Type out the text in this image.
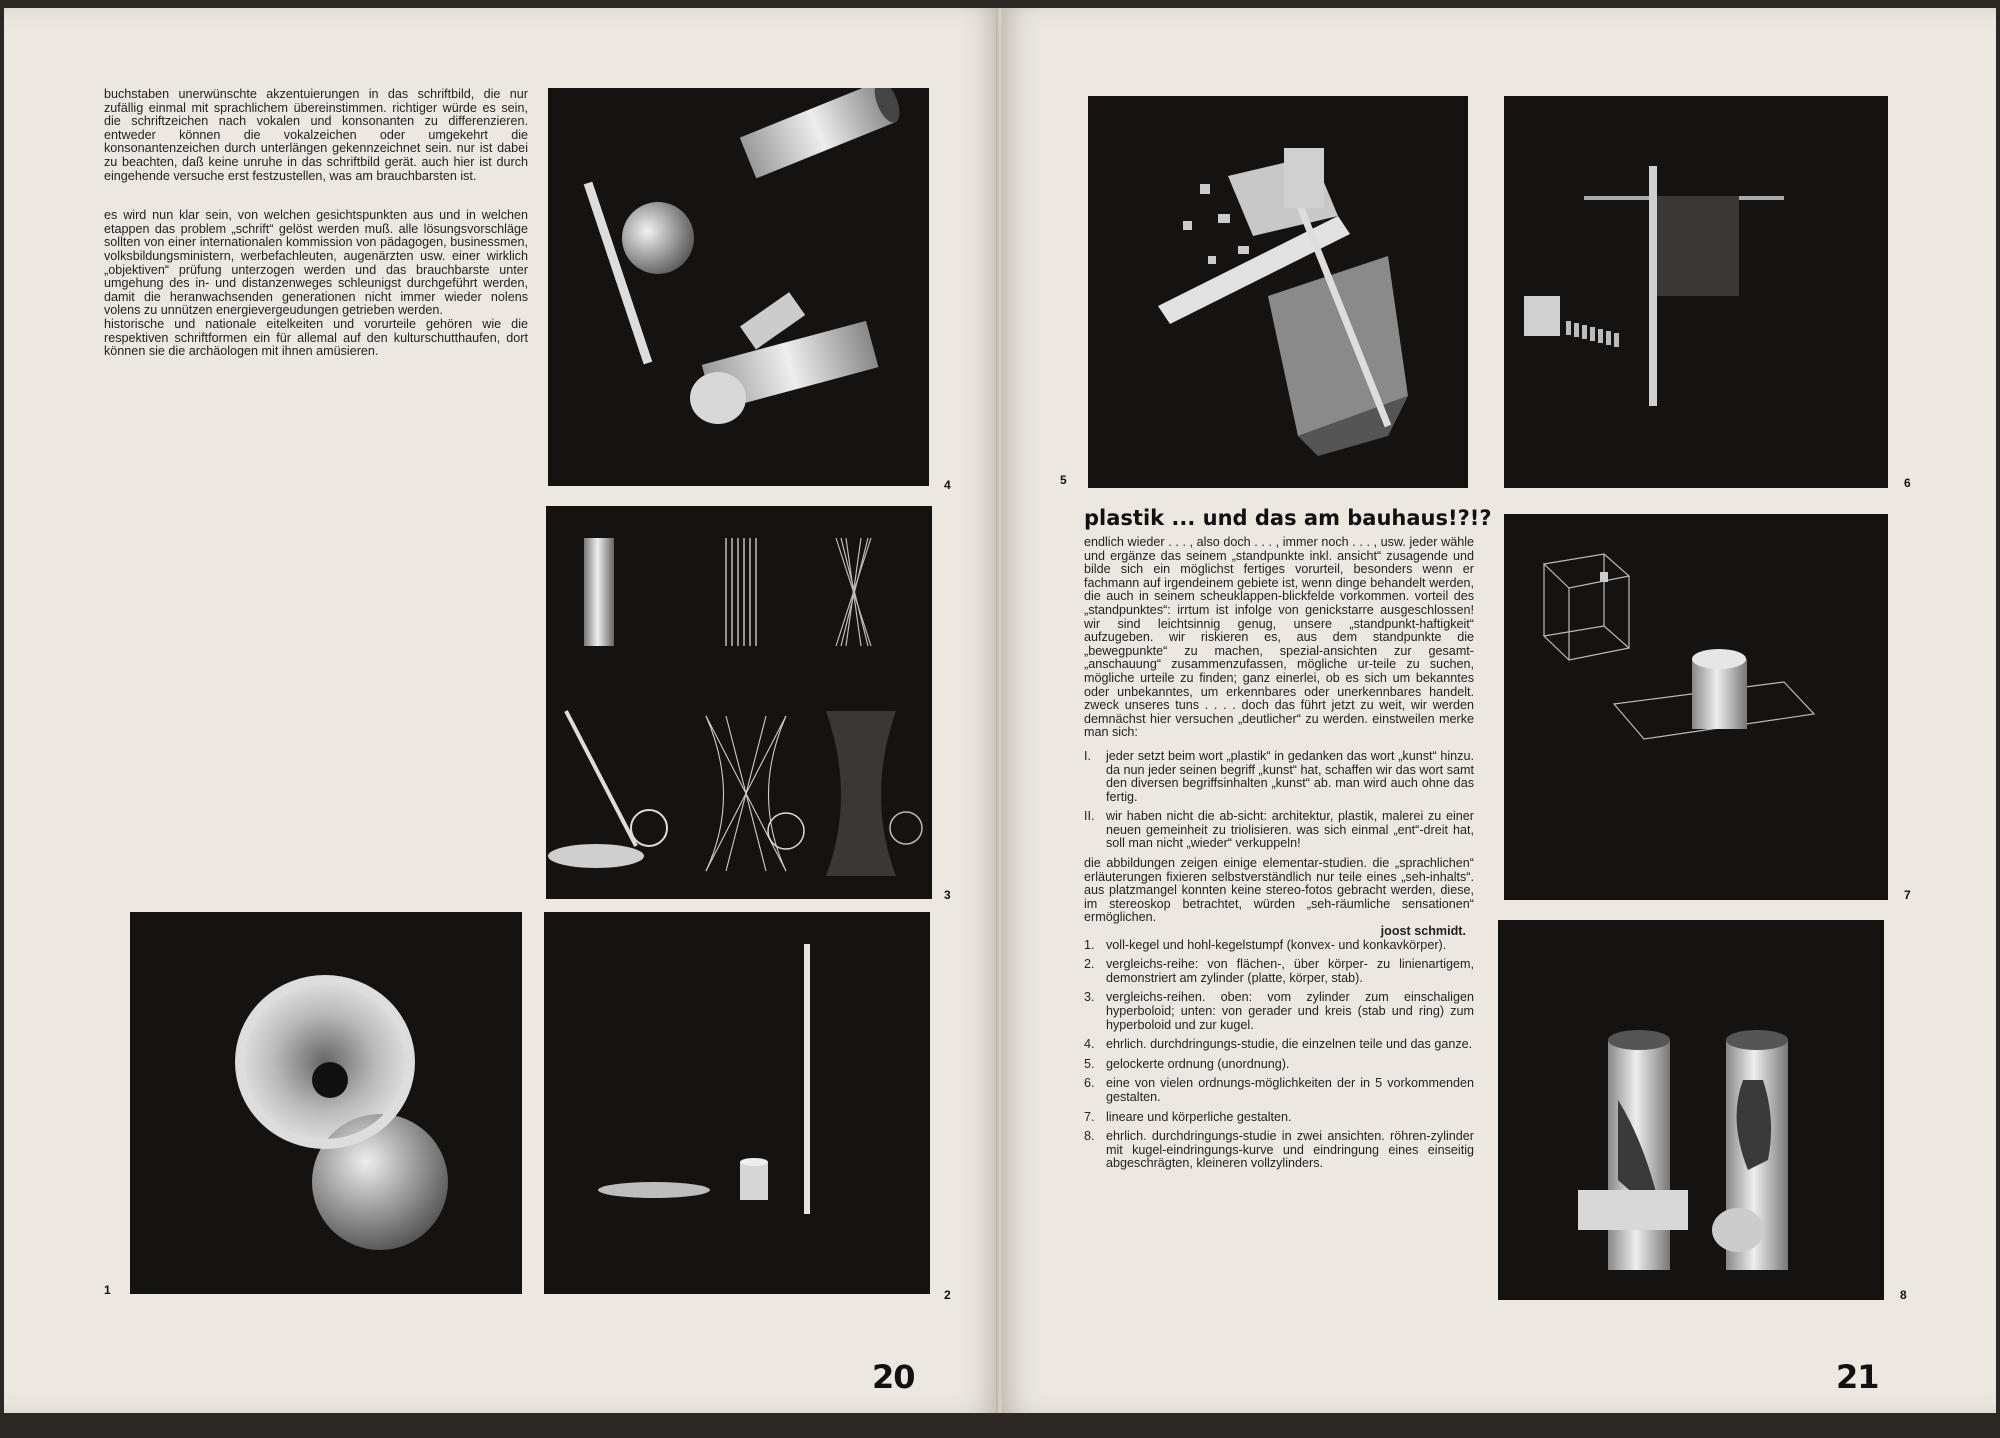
buchstaben unerwünschte akzentuierungen in das schriftbild, die nur zufällig einmal mit sprachlichem übereinstimmen. richtiger würde es sein, die schriftzeichen nach vokalen und konsonanten zu differenzieren. entweder können die vokalzeichen oder umgekehrt die konsonantenzeichen durch unterlängen gekennzeichnet sein. nur ist dabei zu beachten, daß keine unruhe in das schriftbild gerät. auch hier ist durch eingehende versuche erst festzustellen, was am brauchbarsten ist.

es wird nun klar sein, von welchen gesichtspunkten aus und in welchen etappen das problem „schrift“ gelöst werden muß. alle lösungsvorschläge sollten von einer internationalen kommission von pädagogen, businessmen, volksbildungsministern, werbefachleuten, augenärzten usw. einer wirklich „objektiven“ prüfung unterzogen werden und das brauchbarste unter umgehung des in- und distanzenweges schleunigst durchgeführt werden, damit die heranwachsenden generationen nicht immer wieder nolens volens zu unnützen energievergeudungen getrieben werden.

historische und nationale eitelkeiten und vorurteile gehören wie die respektiven schriftformen ein für allemal auf den kulturschutthaufen, dort können sie die archäologen mit ihnen amüsieren.

4
3
1	2
20
5	6
plastik ... und das am bauhaus!?!?

endlich wieder . . . , also doch . . . , immer noch . . . , usw. jeder wähle und ergänze das seinem „standpunkte inkl. ansicht“ zusagende und bilde sich ein möglichst fertiges vorurteil, besonders wenn er fachmann auf irgendeinem gebiete ist, wenn dinge behandelt werden, die auch in seinem scheuklappen-blickfelde vorkommen. vorteil des „standpunktes“: irrtum ist infolge von genickstarre ausgeschlossen! wir sind leichtsinnig genug, unsere „standpunkt-haftigkeit“ aufzugeben. wir riskieren es, aus dem standpunkte die „bewegpunkte“ zu machen, spezial-ansichten zur gesamt-„anschauung“ zusammenzufassen, mögliche ur-teile zu suchen, mögliche urteile zu finden; ganz einerlei, ob es sich um bekanntes oder unbekanntes, um erkennbares oder unerkennbares handelt. zweck unseres tuns . . . . doch das führt jetzt zu weit, wir werden demnächst hier versuchen „deutlicher“ zu werden. einstweilen merke man sich:

I. jeder setzt beim wort „plastik“ in gedanken das wort „kunst“ hinzu. da nun jeder seinen begriff „kunst“ hat, schaffen wir das wort samt den diversen begriffsinhalten „kunst“ ab. man wird auch ohne das fertig.
II. wir haben nicht die ab-sicht: architektur, plastik, malerei zu einer neuen gemeinheit zu triolisieren. was sich einmal „ent“-dreit hat, soll man nicht „wieder“ verkuppeln!

die abbildungen zeigen einige elementar-studien. die „sprachlichen“ erläuterungen fixieren selbstverständlich nur teile eines „seh-inhalts“. aus platzmangel konnten keine stereo-fotos gebracht werden, diese, im stereoskop betrachtet, würden „seh-räumliche sensationen“ ermöglichen.

joost schmidt.

1. voll-kegel und hohl-kegelstumpf (konvex- und konkavkörper).
2. vergleichs-reihe: von flächen-, über körper- zu linienartigem, demonstriert am zylinder (platte, körper, stab).
3. vergleichs-reihen. oben: vom zylinder zum einschaligen hyperboloid; unten: von gerader und kreis (stab und ring) zum hyperboloid und zur kugel.
4. ehrlich. durchdringungs-studie, die einzelnen teile und das ganze.
5. gelockerte ordnung (unordnung).
6. eine von vielen ordnungs-möglichkeiten der in 5 vorkommenden gestalten.
7. lineare und körperliche gestalten.
8. ehrlich. durchdringungs-studie in zwei ansichten. röhren-zylinder mit kugel-eindringungs-kurve und eindringung eines einseitig abgeschrägten, kleineren vollzylinders.
7
8
21
